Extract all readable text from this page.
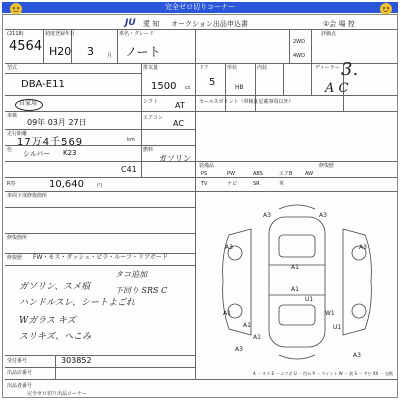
完全ゼロ切りコーナー
JU 愛 知 オークション出品申込書	①会 場 控
(2118)
4564
初度登録年月
H20 3	月
車名・グレード
ノート
2WD
4WD
評価点
3.
型式
DBA-E11
排気量
1500 cc
ドア
5
形状
HB
内装	ディーラー
A C
自家用	シフト AT	セールスポイント（車検証記載事項以外）
車検
09年 03月 27日	エアコン
AC
走行距離
17万4千569	km
色 シルバー K23	燃料
ガソリン
C41
R券	10,640	円
装備品	修復歴
PS	PW	ABS	エアB	AW
TV	ナビ	SR	革
車両下部修復箇所
修復箇所
修復歴 FW・モス・ダッシュ・ピラ・ルーフ・リアボード
ガソリン、スメ痕
ハンドルスレ、シートよごれ
Wガラス キズ
スリキズ、へこみ
タコ追加
下回り SRS C
A3	A3
A3	A3
A1
A1
U1
A1	W1
U1
A1
A1
A3
A3
A 一 キズ E 一 エクボ U 一 凹み P 一 ペイント W 一 波 S 一 サビ XX 一 交換
受付番号	303852
出品店番号
出品者番号
完全ゼロ切り出品コーナー
